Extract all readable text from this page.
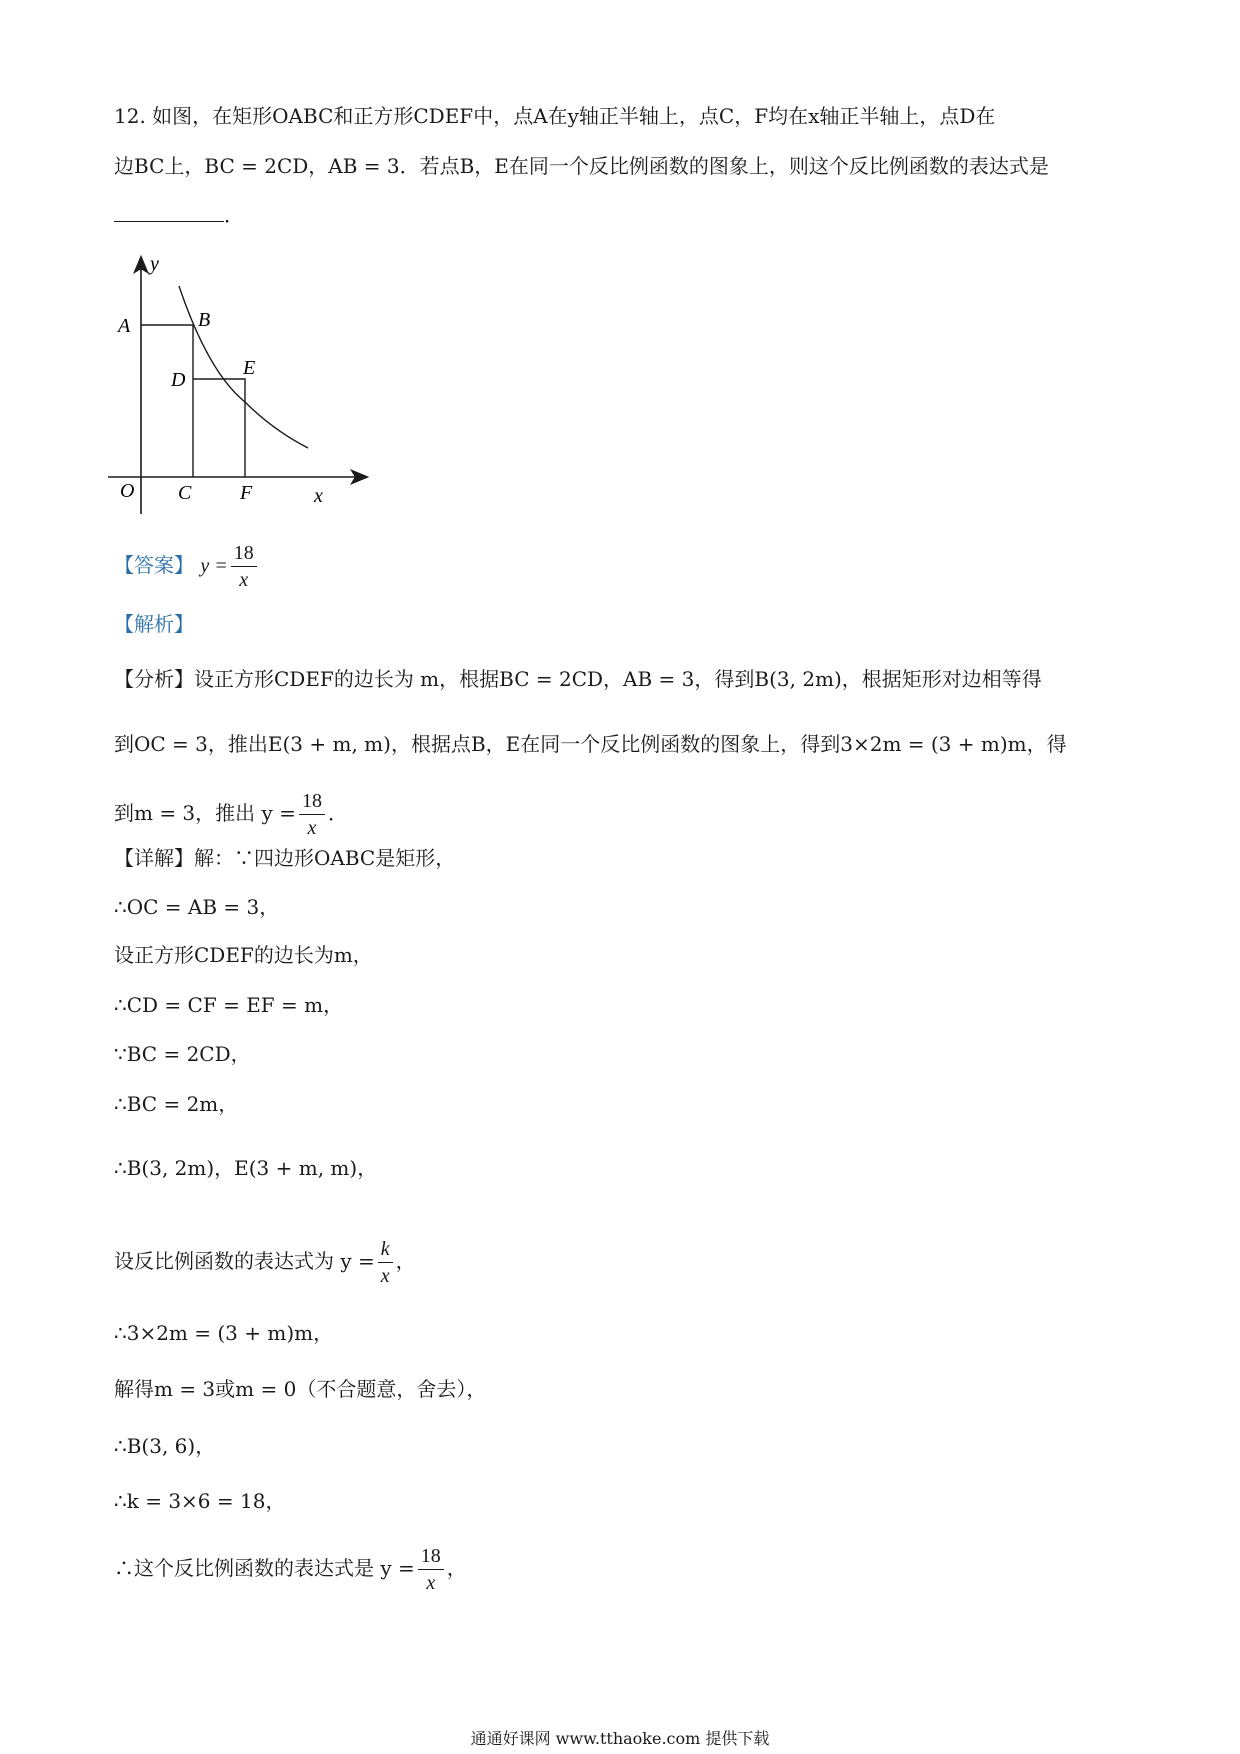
12. 如图，在矩形OABC和正方形CDEF中，点A在y轴正半轴上，点C，F均在x轴正半轴上，点D在
边BC上，BC = 2CD，AB = 3．若点B，E在同一个反比例函数的图象上，则这个反比例函数的表达式是
．
y
x
O
A	B
C
D
E
F
【答案】 $y = \frac{18}{x}$
【解析】
【分析】设正方形CDEF的边长为 m，根据BC = 2CD，AB = 3，得到B(3, 2m)，根据矩形对边相等得
到OC = 3，推出E(3 + m, m)，根据点B，E在同一个反比例函数的图象上，得到3×2m = (3 + m)m，得
到m = 3，推出 $y = \frac{18}{x}$ ．
【详解】解：∵四边形OABC是矩形，
∴OC = AB = 3，
设正方形CDEF的边长为m，
∴CD = CF = EF = m，
∵BC = 2CD，
∴BC = 2m，
∴B(3, 2m)，E(3 + m, m)，
设反比例函数的表达式为 $y = \frac{k}{x}$ ，
∴3×2m = (3 + m)m，
解得m = 3或m = 0（不合题意，舍去），
∴B(3, 6)，
∴k = 3×6 = 18，
∴这个反比例函数的表达式是 $y = \frac{18}{x}$ ，
通通好课网 www.tthaoke.com 提供下载
